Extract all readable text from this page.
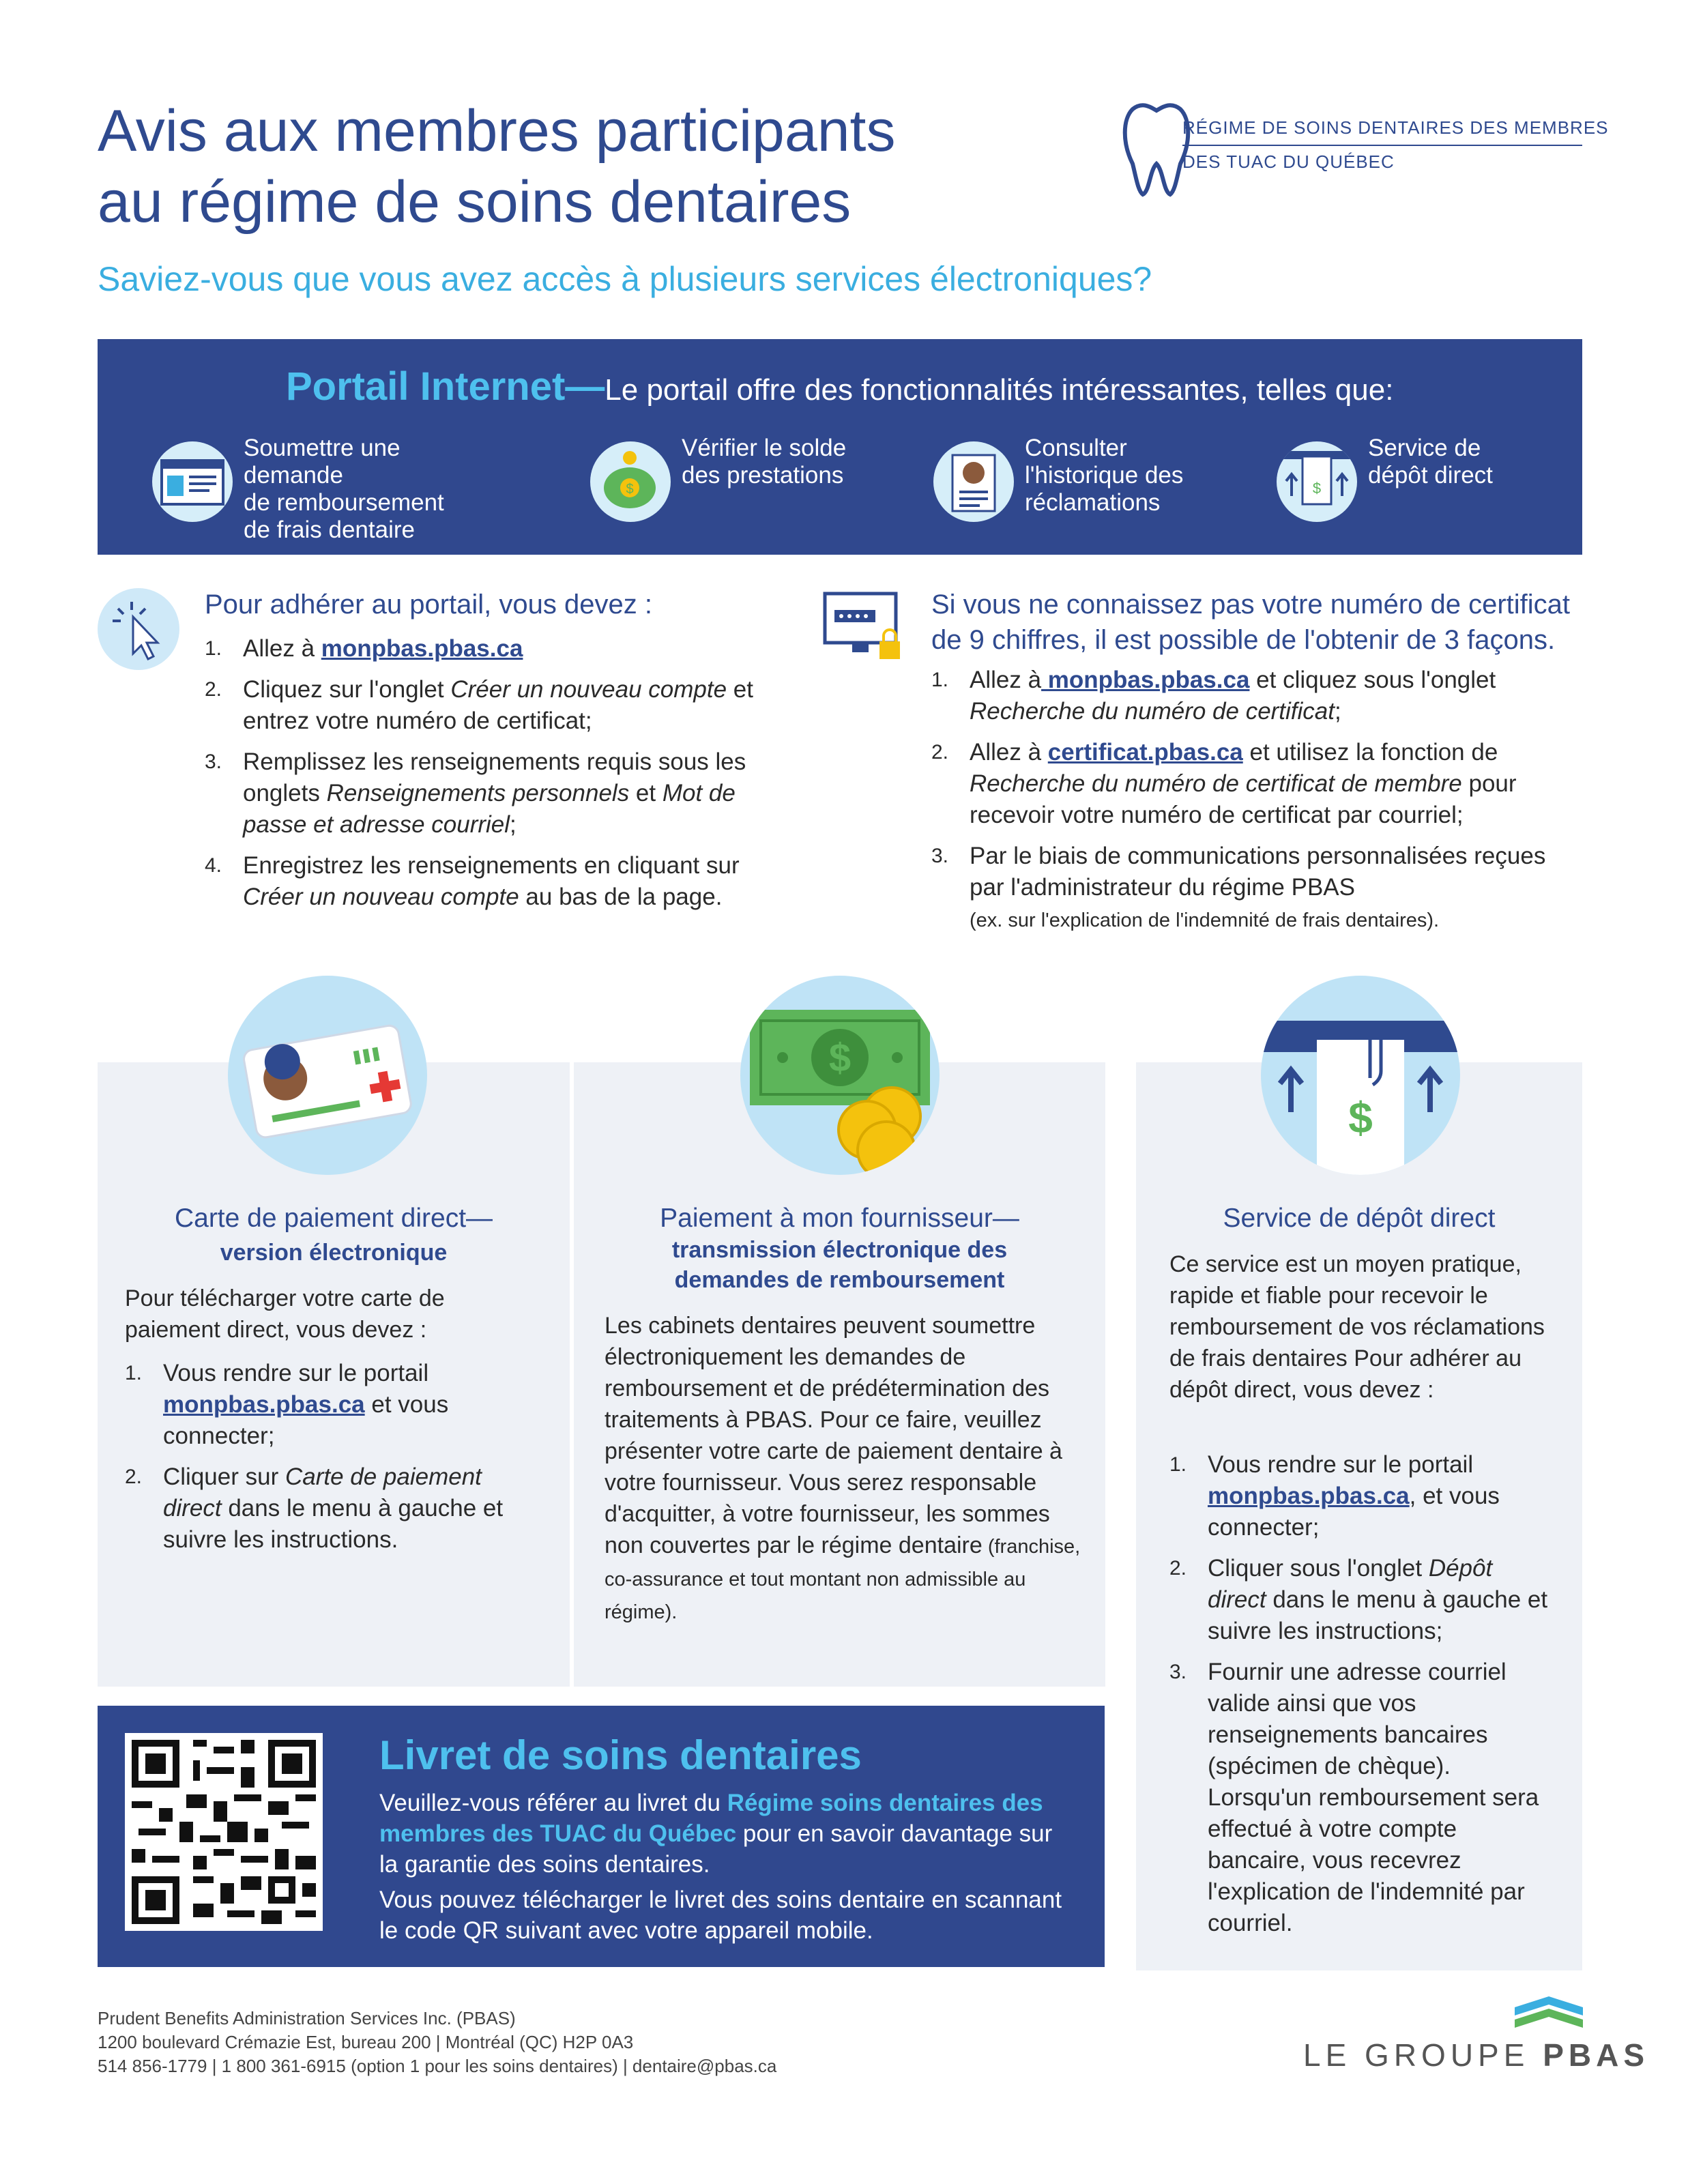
Avis aux membres participants
au régime de soins dentaires
Saviez-vous que vous avez accès à plusieurs services électroniques?
RÉGIME DE SOINS DENTAIRES DES MEMBRES
DES TUAC DU QUÉBEC
Portail Internet—Le portail offre des fonctionnalités intéressantes, telles que:
Soumettre une demande
de remboursement
de frais dentaire
$
Vérifier le solde
des prestations
Consulter
l'historique des
réclamations
$
Service de
dépôt direct
Pour adhérer au portail, vous devez :
1. Allez à monpbas.pbas.ca
2. Cliquez sur l'onglet Créer un nouveau compte et entrez votre numéro de certificat;
3. Remplissez les renseignements requis sous les onglets Renseignements personnels et Mot de passe et adresse courriel;
4. Enregistrez les renseignements en cliquant sur Créer un nouveau compte au bas de la page.
Si vous ne connaissez pas votre numéro de certificat de 9 chiffres, il est possible de l'obtenir de 3 façons.
1. Allez à monpbas.pbas.ca et cliquez sous l'onglet Recherche du numéro de certificat;
2. Allez à certificat.pbas.ca et utilisez la fonction de Recherche du numéro de certificat de membre pour recevoir votre numéro de certificat par courriel;
3. Par le biais de communications personnalisées reçues par l'administrateur du régime PBAS
(ex. sur l'explication de l'indemnité de frais dentaires).
Carte de paiement direct—
version électronique
Pour télécharger votre carte de paiement direct, vous devez :
1. Vous rendre sur le portail monpbas.pbas.ca et vous connecter;
2. Cliquer sur Carte de paiement direct dans le menu à gauche et suivre les instructions.
$
Paiement à mon fournisseur—
transmission électronique des demandes de remboursement
Les cabinets dentaires peuvent soumettre électroniquement les demandes de remboursement et de prédétermination des traitements à PBAS. Pour ce faire, veuillez présenter votre carte de paiement dentaire à votre fournisseur. Vous serez responsable d'acquitter, à votre fournisseur, les sommes non couvertes par le régime dentaire (franchise, co-assurance et tout montant non admissible au régime).
$
Service de dépôt direct
Ce service est un moyen pratique, rapide et fiable pour recevoir le remboursement de vos réclamations de frais dentaires Pour adhérer au dépôt direct, vous devez :
1. Vous rendre sur le portail monpbas.pbas.ca, et vous connecter;
2. Cliquer sous l'onglet Dépôt direct dans le menu à gauche et suivre les instructions;
3. Fournir une adresse courriel valide ainsi que vos renseignements bancaires (spécimen de chèque). Lorsqu'un remboursement sera effectué à votre compte bancaire, vous recevrez l'explication de l'indemnité par courriel.
Livret de soins dentaires
Veuillez-vous référer au livret du Régime soins dentaires des membres des TUAC du Québec pour en savoir davantage sur la garantie des soins dentaires.
Vous pouvez télécharger le livret des soins dentaire en scannant le code QR suivant avec votre appareil mobile.
Prudent Benefits Administration Services Inc. (PBAS)
1200 boulevard Crémazie Est, bureau 200 | Montréal (QC) H2P 0A3
514 856-1779 | 1 800 361-6915 (option 1 pour les soins dentaires) | dentaire@pbas.ca	LE GROUPE PBAS
